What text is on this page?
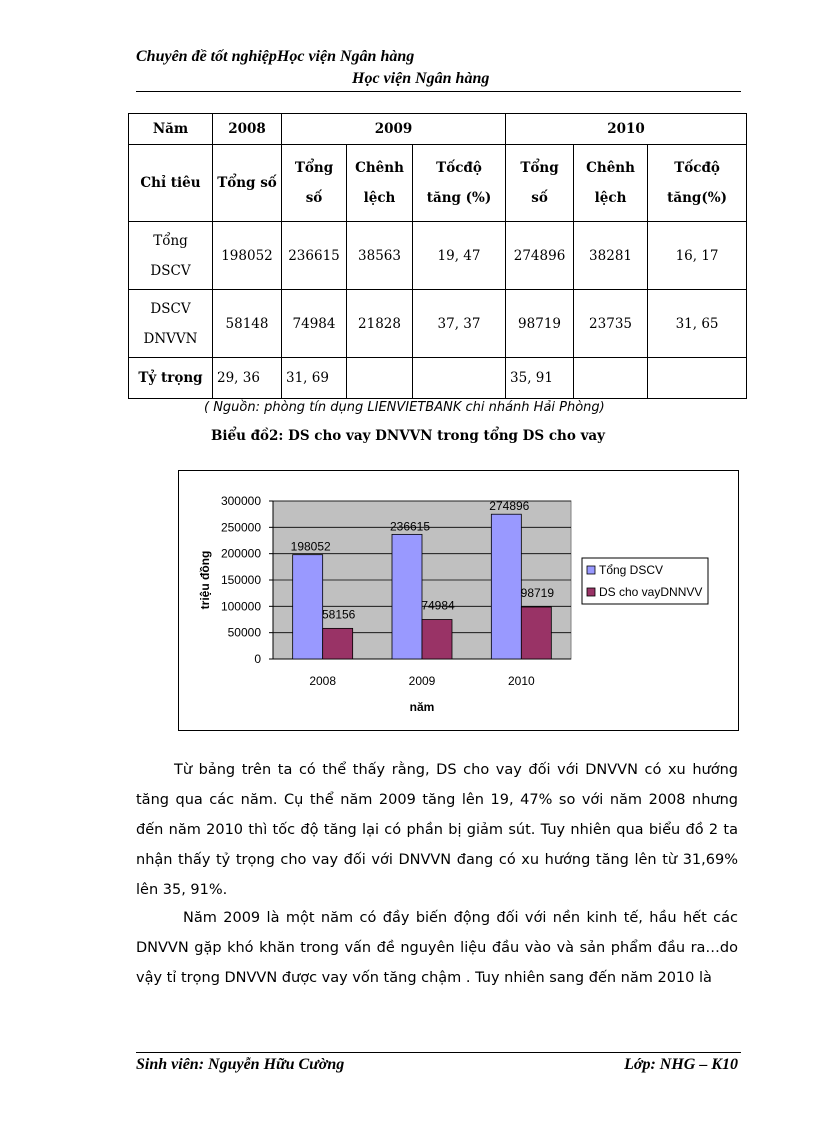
Chuyên đề tốt nghiệpHọc viện Ngân hàng
Học viện Ngân hàng
Năm	2008	2009			2010		
Chỉ tiêu	Tổng số	Tổng số	Chênh lệch	Tốcđộ tăng (%)	Tổng số	Chênh lệch	Tốcđộ tăng(%)
Tổng DSCV	198052	236615	38563	19, 47	274896	38281	16, 17
DSCV DNVVN	58148	74984	21828	37, 37	98719	23735	31, 65
Tỷ trọng	29, 36	31, 69			35, 91		
( Nguồn: phòng tín dụng LIENVIETBANK chi nhánh Hải Phòng)
Biểu đồ2: DS cho vay DNVVN trong tổng DS cho vay
0
50000
100000
150000
200000
250000
300000
198052
58156
2008
236615
74984
2009
274896
98719
2010
năm
triệu đồng	Tổng DSCV
DS cho vayDNNVV
Từ bảng trên ta có thể thấy rằng, DS cho vay đối với DNVVN có xu hướng tăng qua các năm. Cụ thể năm 2009 tăng lên 19, 47% so với năm 2008 nhưng đến năm 2010 thì tốc độ tăng lại có phần bị giảm sút. Tuy nhiên qua biểu đồ 2 ta nhận thấy tỷ trọng cho vay đối với DNVVN đang có xu hướng tăng lên từ 31,69% lên 35, 91%.
Năm 2009 là một năm có đầy biến động đối với nền kinh tế, hầu hết các DNVVN gặp khó khăn trong vấn đề nguyên liệu đầu vào và sản phẩm đầu ra…do vậy tỉ trọng DNVVN được vay vốn tăng chậm . Tuy nhiên sang đến năm 2010 là
Sinh viên: Nguyễn Hữu Cường	Lớp: NHG – K10
